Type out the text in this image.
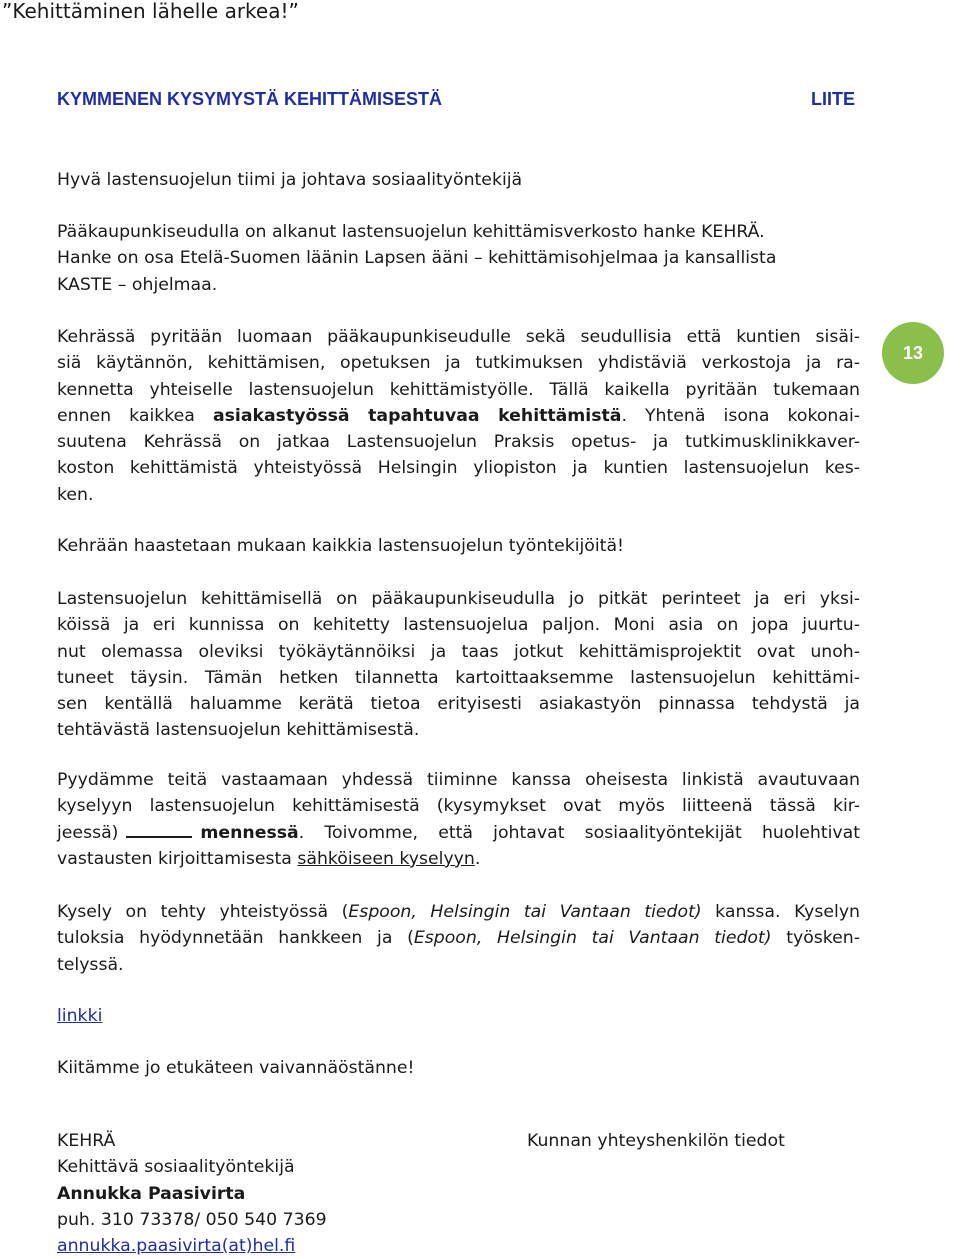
”Kehittäminen lähelle arkea!”
KYMMENEN KYSYMYSTÄ KEHITTÄMISESTÄ	LIITE
Hyvä lastensuojelun tiimi ja johtava sosiaalityöntekijä
Pääkaupunkiseudulla on alkanut lastensuojelun kehittämisverkosto hanke KEHRÄ.
Hanke on osa Etelä-Suomen läänin Lapsen ääni – kehittämisohjelmaa ja kansallista
KASTE – ohjelmaa.
Kehrässä pyritään luomaan pääkaupunkiseudulle sekä seudullisia että kuntien sisäi-
siä käytännön, kehittämisen, opetuksen ja tutkimuksen yhdistäviä verkostoja ja ra-
kennetta yhteiselle lastensuojelun kehittämistyölle. Tällä kaikella pyritään tukemaan
ennen kaikkea asiakastyössä tapahtuvaa kehittämistä. Yhtenä isona kokonai-
suutena Kehrässä on jatkaa Lastensuojelun Praksis opetus- ja tutkimusklinikkaver-
koston kehittämistä yhteistyössä Helsingin yliopiston ja kuntien lastensuojelun kes-
ken.
13
Kehrään haastetaan mukaan kaikkia lastensuojelun työntekijöitä!
Lastensuojelun kehittämisellä on pääkaupunkiseudulla jo pitkät perinteet ja eri yksi-
köissä ja eri kunnissa on kehitetty lastensuojelua paljon. Moni asia on jopa juurtu-
nut olemassa oleviksi työkäytännöiksi ja taas jotkut kehittämisprojektit ovat unoh-
tuneet täysin. Tämän hetken tilannetta kartoittaaksemme lastensuojelun kehittämi-
sen kentällä haluamme kerätä tietoa erityisesti asiakastyön pinnassa tehdystä ja
tehtävästä lastensuojelun kehittämisestä.
Pyydämme teitä vastaamaan yhdessä tiiminne kanssa oheisesta linkistä avautuvaan
kyselyyn lastensuojelun kehittämisestä (kysymykset ovat myös liitteenä tässä kir-
jeessä)	mennessä. Toivomme, että johtavat sosiaalityöntekijät huolehtivat
vastausten kirjoittamisesta sähköiseen kyselyyn.
Kysely on tehty yhteistyössä (Espoon, Helsingin tai Vantaan tiedot) kanssa. Kyselyn
tuloksia hyödynnetään hankkeen ja (Espoon, Helsingin tai Vantaan tiedot) työsken-
telyssä.
linkki
Kiitämme jo etukäteen vaivannäöstänne!
KEHRÄ
Kehittävä sosiaalityöntekijä
Annukka Paasivirta
puh. 310 73378/ 050 540 7369
annukka.paasivirta(at)hel.fi
Kunnan yhteyshenkilön tiedot
